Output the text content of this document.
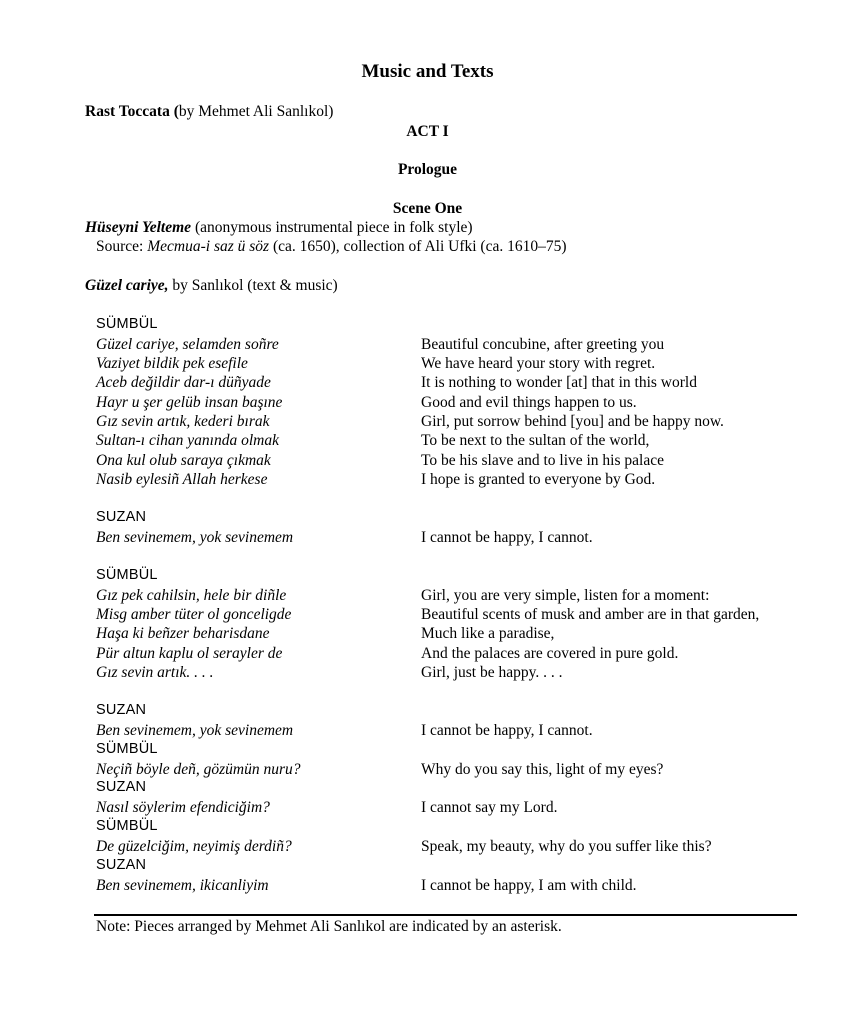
Music and Texts
Rast Toccata (by Mehmet Ali Sanlıkol)
ACT I
Prologue
Scene One
Hüseyni Yelteme (anonymous instrumental piece in folk style)
Source: Mecmua-i saz ü söz (ca. 1650), collection of Ali Ufki (ca. 1610–75)
Güzel cariye, by Sanlıkol (text & music)
SÜMBÜL
Güzel cariye, selamden soñre	Beautiful concubine, after greeting you
Vaziyet bildik pek esefile	We have heard your story with regret.
Aceb değildir dar-ı düñyade	It is nothing to wonder [at] that in this world
Hayr u şer gelüb insan başıne	Good and evil things happen to us.
Gız sevin artık, kederi bırak	Girl, put sorrow behind [you] and be happy now.
Sultan-ı cihan yanında olmak	To be next to the sultan of the world,
Ona kul olub saraya çıkmak	To be his slave and to live in his palace
Nasib eylesiñ Allah herkese	I hope is granted to everyone by God.
SUZAN
Ben sevinemem, yok sevinemem	I cannot be happy, I cannot.
SÜMBÜL
Gız pek cahilsin, hele bir diñle	Girl, you are very simple, listen for a moment:
Misg amber tüter ol gonceligde	Beautiful scents of musk and amber are in that garden,
Haşa ki beñzer beharisdane	Much like a paradise,
Pür altun kaplu ol serayler de	And the palaces are covered in pure gold.
Gız sevin artık. . . .	Girl, just be happy. . . .
SUZAN
Ben sevinemem, yok sevinemem	I cannot be happy, I cannot.
SÜMBÜL
Neçiñ böyle deñ, gözümün nuru?	Why do you say this, light of my eyes?
SUZAN
Nasıl söylerim efendiciğim?	I cannot say my Lord.
SÜMBÜL
De güzelciğim, neyimiş derdiñ?	Speak, my beauty, why do you suffer like this?
SUZAN
Ben sevinemem, ikicanliyim	I cannot be happy, I am with child.
Note: Pieces arranged by Mehmet Ali Sanlıkol are indicated by an asterisk.
